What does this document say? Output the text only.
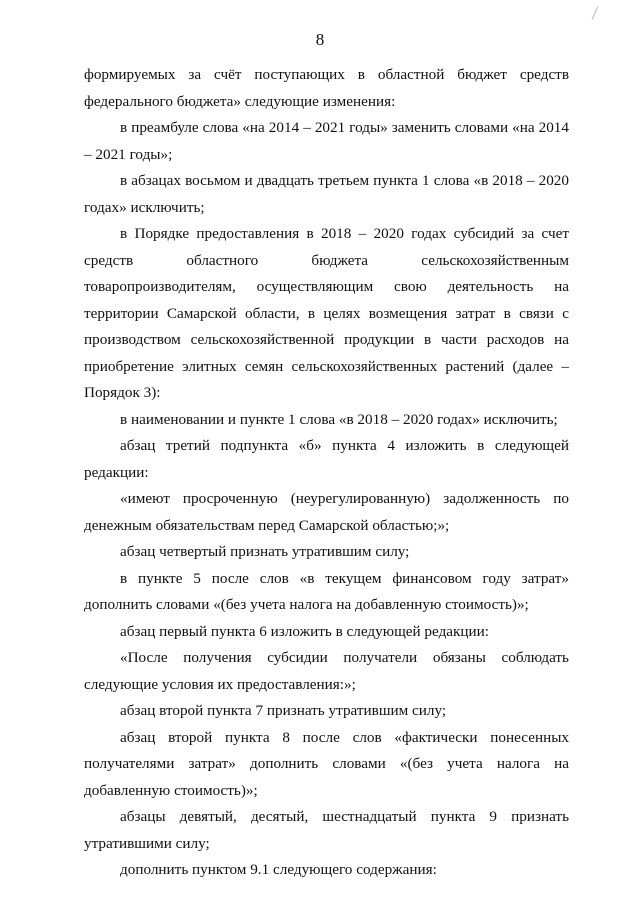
8

формируемых за счёт поступающих в областной бюджет средств федерального бюджета» следующие изменения:

в преамбуле слова «на 2014 – 2021 годы» заменить словами «на 2014 – 2021 годы»;

в абзацах восьмом и двадцать третьем пункта 1 слова «в 2018 – 2020 годах» исключить;

в Порядке предоставления в 2018 – 2020 годах субсидий за счет средств областного бюджета сельскохозяйственным товаропроизводителям, осуществляющим свою деятельность на территории Самарской области, в целях возмещения затрат в связи с производством сельскохозяйственной продукции в части расходов на приобретение элитных семян сельскохозяйственных растений (далее – Порядок 3):

в наименовании и пункте 1 слова «в 2018 – 2020 годах» исключить;

абзац третий подпункта «б» пункта 4 изложить в следующей редакции:

«имеют просроченную (неурегулированную) задолженность по денежным обязательствам перед Самарской областью;»;

абзац четвертый признать утратившим силу;

в пункте 5 после слов «в текущем финансовом году затрат» дополнить словами «(без учета налога на добавленную стоимость)»;

абзац первый пункта 6 изложить в следующей редакции:

«После получения субсидии получатели обязаны соблюдать следующие условия их предоставления:»;

абзац второй пункта 7 признать утратившим силу;

абзац второй пункта 8 после слов «фактически понесенных получателями затрат» дополнить словами «(без учета налога на добавленную стоимость)»;

абзацы девятый, десятый, шестнадцатый пункта 9 признать утратившими силу;

дополнить пунктом 9.1 следующего содержания:
